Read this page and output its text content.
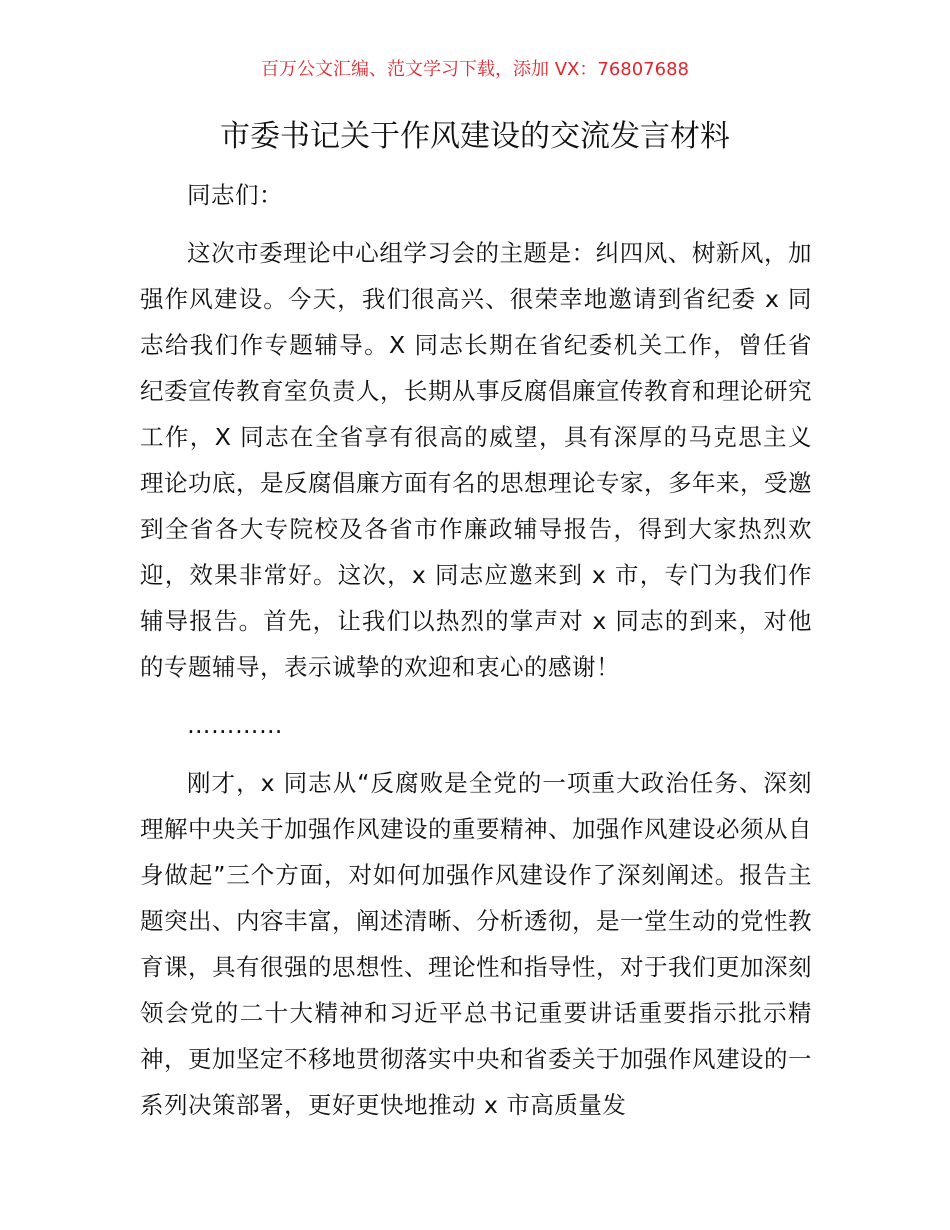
百万公文汇编、范文学习下载，添加 VX：76807688
市委书记关于作风建设的交流发言材料

同志们：

这次市委理论中心组学习会的主题是：纠四风、树新风，加强作风建设。今天，我们很高兴、很荣幸地邀请到省纪委 x 同志给我们作专题辅导。X 同志长期在省纪委机关工作，曾任省纪委宣传教育室负责人，长期从事反腐倡廉宣传教育和理论研究工作，X 同志在全省享有很高的威望，具有深厚的马克思主义理论功底，是反腐倡廉方面有名的思想理论专家，多年来，受邀到全省各大专院校及各省市作廉政辅导报告，得到大家热烈欢迎，效果非常好。这次，x 同志应邀来到 x 市，专门为我们作辅导报告。首先，让我们以热烈的掌声对 x 同志的到来，对他的专题辅导，表示诚挚的欢迎和衷心的感谢！

…………

刚才，x 同志从“反腐败是全党的一项重大政治任务、深刻理解中央关于加强作风建设的重要精神、加强作风建设必须从自身做起”三个方面，对如何加强作风建设作了深刻阐述。报告主题突出、内容丰富，阐述清晰、分析透彻，是一堂生动的党性教育课，具有很强的思想性、理论性和指导性，对于我们更加深刻领会党的二十大精神和习近平总书记重要讲话重要指示批示精神，更加坚定不移地贯彻落实中央和省委关于加强作风建设的一系列决策部署，更好更快地推动 x 市高质量发
